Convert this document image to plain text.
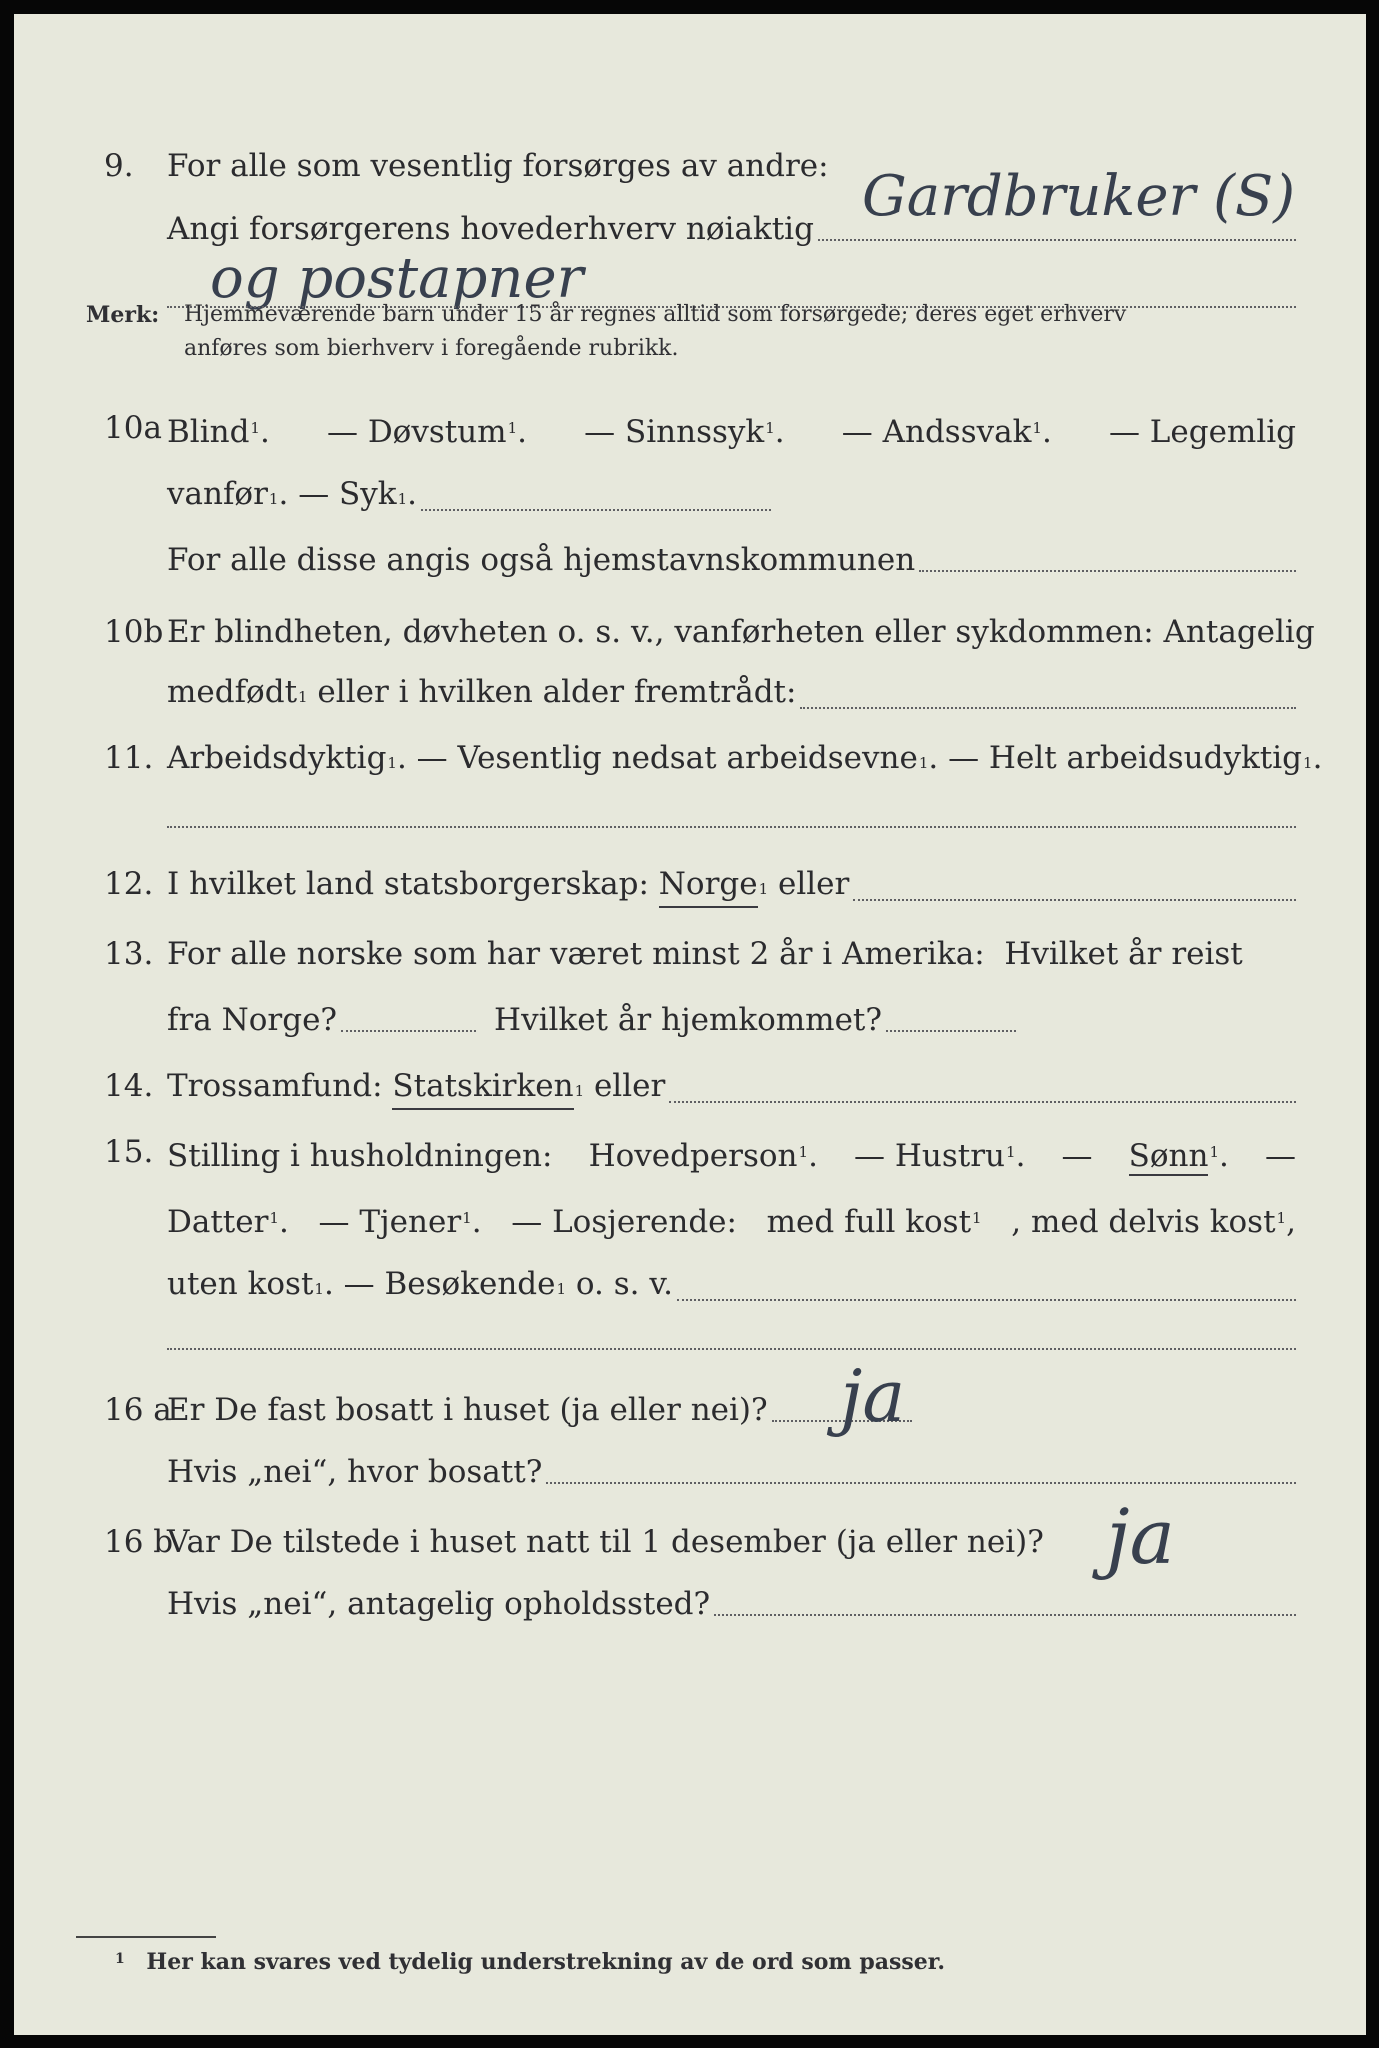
9. For alle som vesentlig forsørges av andre:
Angi forsørgerens hovederhverv nøiaktig Gardbruker (S)
og postapner
Merk: Hjemmeværende barn under 15 år regnes alltid som forsørgede; deres eget erhverv
anføres som bierhverv i foregående rubrikk.
10a Blind$^1$. — Døvstum$^1$. — Sinnssyk$^1$. — Andssvak$^1$. — Legemlig
vanfør 1 . — Syk 1 .
For alle disse angis også hjemstavnskommunen
10b Er blindheten, døvheten o. s. v., vanførheten eller sykdommen: Antagelig
medfødt 1 eller i hvilken alder fremtrådt:
11. Arbeidsdyktig 1 . — Vesentlig nedsat arbeidsevne 1 . — Helt arbeidsudyktig 1 .
12. I hvilket land statsborgerskap:
Norge 1 eller
13. For alle norske som har været minst 2 år i Amerika:  Hvilket år reist
fra Norge?	Hvilket år hjemkommet?
14. Trossamfund:
Statskirken 1 eller
15. Stilling i husholdningen: Hovedperson$^1$. — Hustru$^1$. — Sønn$^1$. —
Datter$^1$. — Tjener$^1$. — Losjerende: med full kost$^1$ , med delvis kost$^1$,
uten kost 1 . — Besøkende 1 o. s. v.
16 a
Er De fast bosatt i huset (ja eller nei)? ja
Hvis „nei“, hvor bosatt?
16 b
Var De tilstede i huset natt til 1 desember (ja eller nei)? ja
Hvis „nei“, antagelig opholdssted?
$^1$ Her kan svares ved tydelig understrekning av de ord som passer.
